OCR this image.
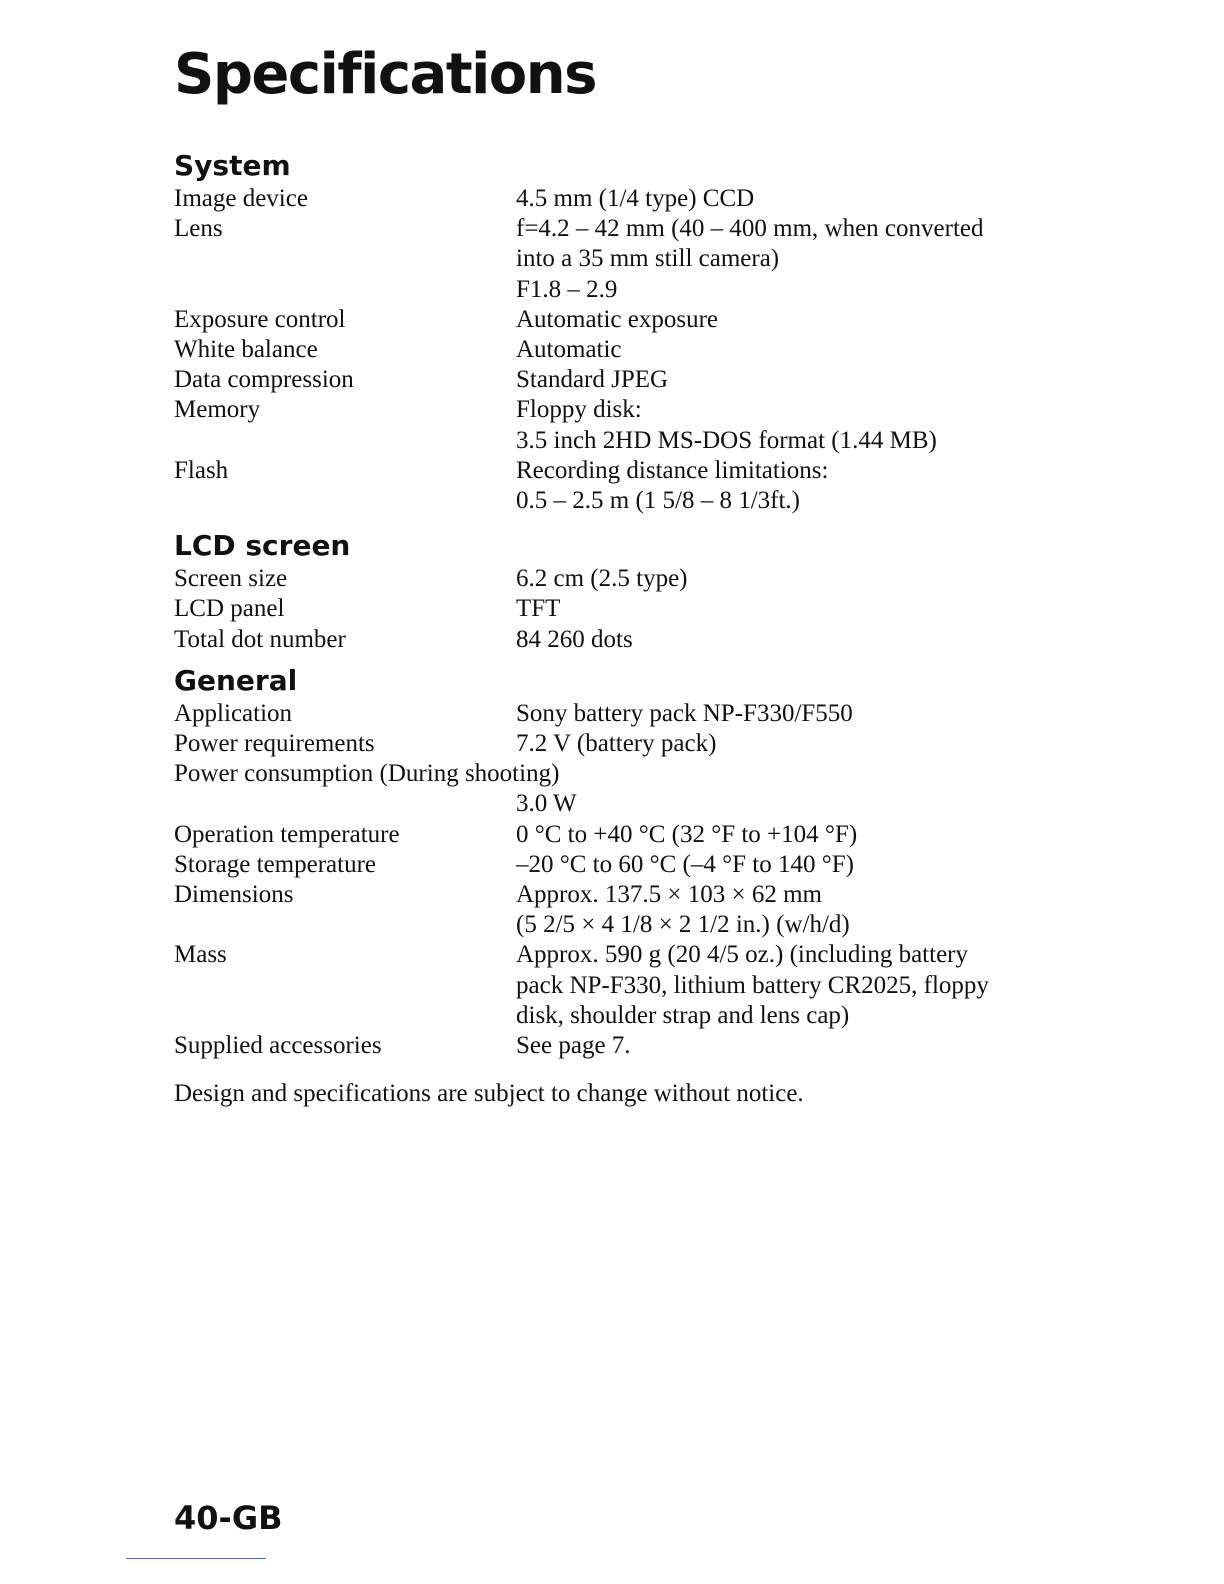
Specifications
System
Image device	4.5 mm (1/4 type) CCD
Lens	f=4.2 – 42 mm (40 – 400 mm, when converted
into a 35 mm still camera)
F1.8 – 2.9
Exposure control	Automatic exposure
White balance	Automatic
Data compression	Standard JPEG
Memory	Floppy disk:
3.5 inch 2HD MS-DOS format (1.44 MB)
Flash	Recording distance limitations:
0.5 – 2.5 m (1 5/8 – 8 1/3ft.)
LCD screen
Screen size	6.2 cm (2.5 type)
LCD panel	TFT
Total dot number	84 260 dots
General
Application	Sony battery pack NP-F330/F550
Power requirements	7.2 V (battery pack)
Power consumption (During shooting)
3.0 W
Operation temperature	0 °C to +40 °C (32 °F to +104 °F)
Storage temperature	–20 °C to 60 °C (–4 °F to 140 °F)
Dimensions	Approx. 137.5 × 103 × 62 mm
(5 2/5 × 4 1/8 × 2 1/2 in.) (w/h/d)
Mass	Approx. 590 g (20 4/5 oz.) (including battery
pack NP-F330, lithium battery CR2025, floppy
disk, shoulder strap and lens cap)
Supplied accessories	See page 7.
Design and specifications are subject to change without notice.
40-GB
